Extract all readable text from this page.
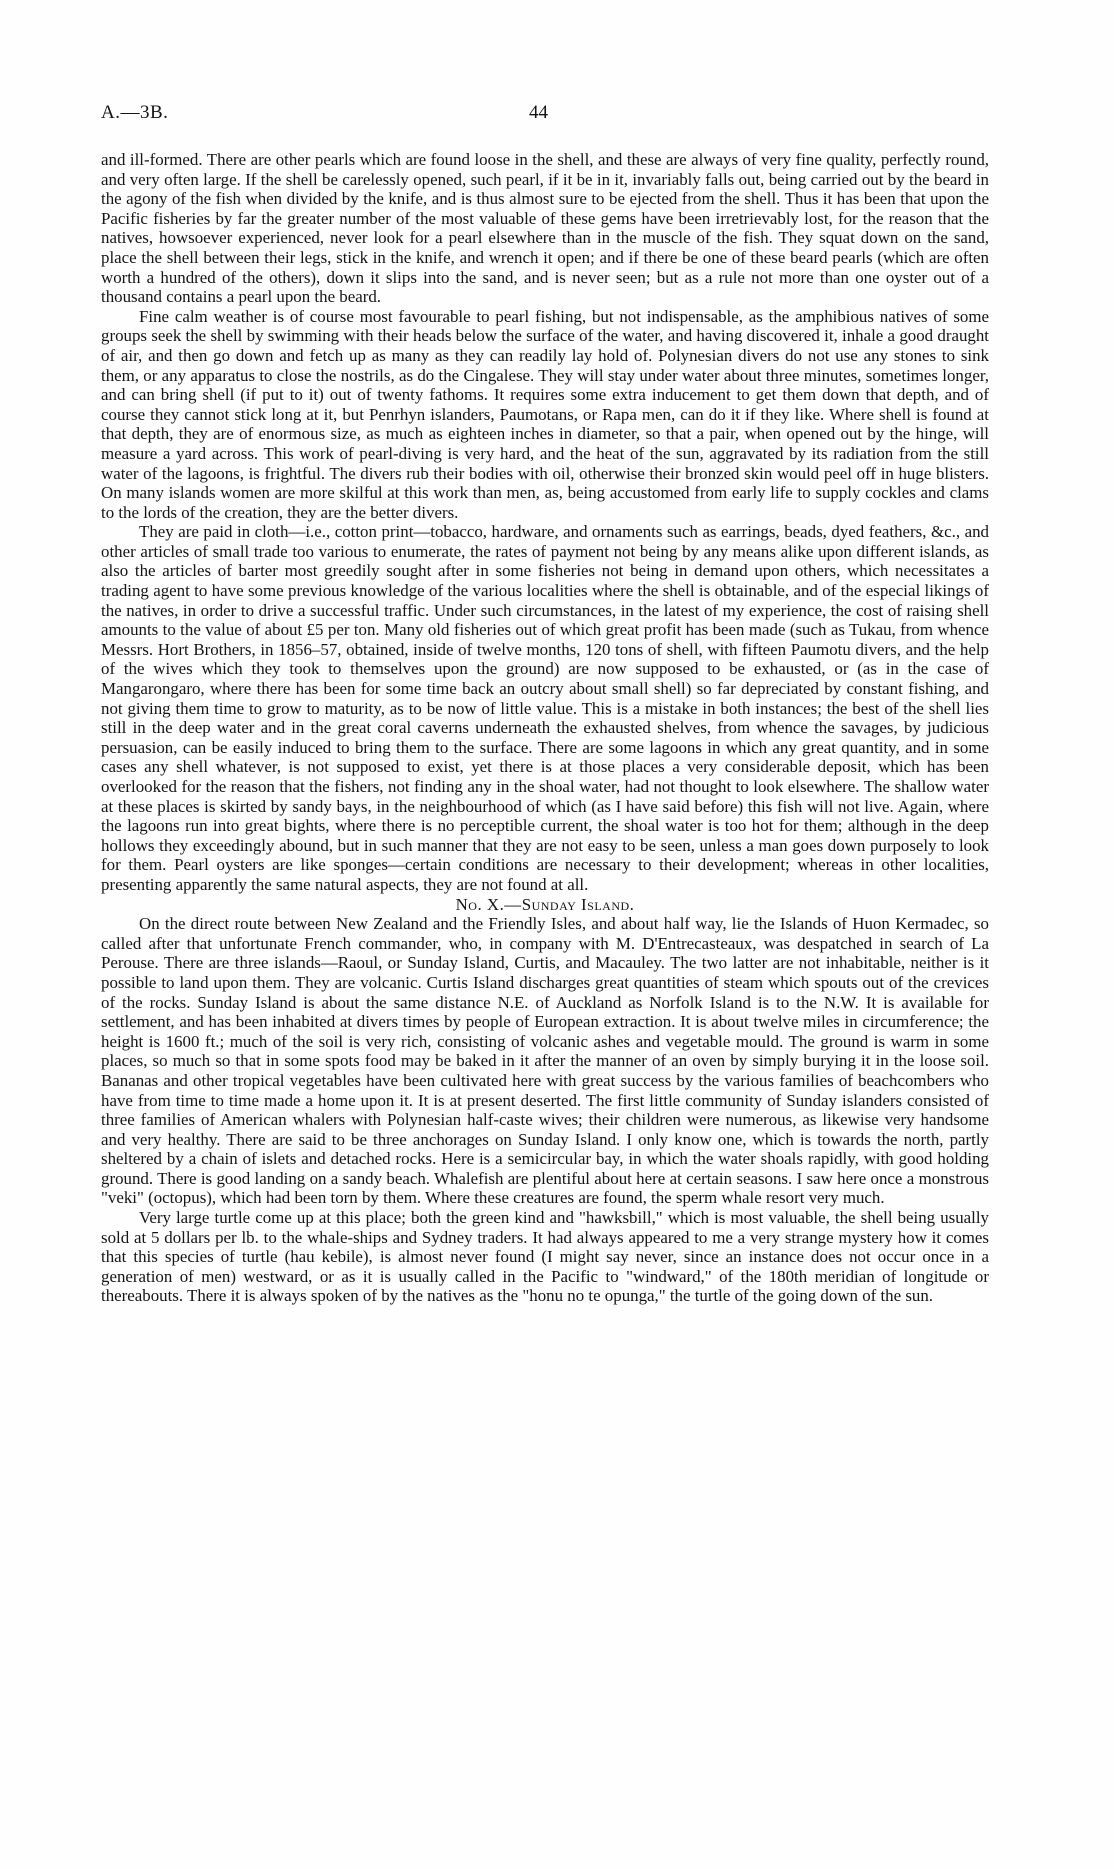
A.—3B.	44

and ill-formed. There are other pearls which are found loose in the shell, and these are always of very fine quality, perfectly round, and very often large. If the shell be carelessly opened, such pearl, if it be in it, invariably falls out, being carried out by the beard in the agony of the fish when divided by the knife, and is thus almost sure to be ejected from the shell. Thus it has been that upon the Pacific fisheries by far the greater number of the most valuable of these gems have been irretrievably lost, for the reason that the natives, howsoever experienced, never look for a pearl elsewhere than in the muscle of the fish. They squat down on the sand, place the shell between their legs, stick in the knife, and wrench it open; and if there be one of these beard pearls (which are often worth a hundred of the others), down it slips into the sand, and is never seen; but as a rule not more than one oyster out of a thousand contains a pearl upon the beard.

Fine calm weather is of course most favourable to pearl fishing, but not indispensable, as the amphibious natives of some groups seek the shell by swimming with their heads below the surface of the water, and having discovered it, inhale a good draught of air, and then go down and fetch up as many as they can readily lay hold of. Polynesian divers do not use any stones to sink them, or any apparatus to close the nostrils, as do the Cingalese. They will stay under water about three minutes, sometimes longer, and can bring shell (if put to it) out of twenty fathoms. It requires some extra inducement to get them down that depth, and of course they cannot stick long at it, but Penrhyn islanders, Paumotans, or Rapa men, can do it if they like. Where shell is found at that depth, they are of enormous size, as much as eighteen inches in diameter, so that a pair, when opened out by the hinge, will measure a yard across. This work of pearl-diving is very hard, and the heat of the sun, aggravated by its radiation from the still water of the lagoons, is frightful. The divers rub their bodies with oil, otherwise their bronzed skin would peel off in huge blisters. On many islands women are more skilful at this work than men, as, being accustomed from early life to supply cockles and clams to the lords of the creation, they are the better divers.

They are paid in cloth—i.e., cotton print—tobacco, hardware, and ornaments such as earrings, beads, dyed feathers, &c., and other articles of small trade too various to enumerate, the rates of payment not being by any means alike upon different islands, as also the articles of barter most greedily sought after in some fisheries not being in demand upon others, which necessitates a trading agent to have some previous knowledge of the various localities where the shell is obtainable, and of the especial likings of the natives, in order to drive a successful traffic. Under such circumstances, in the latest of my experience, the cost of raising shell amounts to the value of about £5 per ton. Many old fisheries out of which great profit has been made (such as Tukau, from whence Messrs. Hort Brothers, in 1856–57, obtained, inside of twelve months, 120 tons of shell, with fifteen Paumotu divers, and the help of the wives which they took to themselves upon the ground) are now supposed to be exhausted, or (as in the case of Mangarongaro, where there has been for some time back an outcry about small shell) so far depreciated by constant fishing, and not giving them time to grow to maturity, as to be now of little value. This is a mistake in both instances; the best of the shell lies still in the deep water and in the great coral caverns underneath the exhausted shelves, from whence the savages, by judicious persuasion, can be easily induced to bring them to the surface. There are some lagoons in which any great quantity, and in some cases any shell whatever, is not supposed to exist, yet there is at those places a very considerable deposit, which has been overlooked for the reason that the fishers, not finding any in the shoal water, had not thought to look elsewhere. The shallow water at these places is skirted by sandy bays, in the neighbourhood of which (as I have said before) this fish will not live. Again, where the lagoons run into great bights, where there is no perceptible current, the shoal water is too hot for them; although in the deep hollows they exceedingly abound, but in such manner that they are not easy to be seen, unless a man goes down purposely to look for them. Pearl oysters are like sponges—certain conditions are necessary to their development; whereas in other localities, presenting apparently the same natural aspects, they are not found at all.

No. X.—Sunday Island.

On the direct route between New Zealand and the Friendly Isles, and about half way, lie the Islands of Huon Kermadec, so called after that unfortunate French commander, who, in company with M. D'Entrecasteaux, was despatched in search of La Perouse. There are three islands—Raoul, or Sunday Island, Curtis, and Macauley. The two latter are not inhabitable, neither is it possible to land upon them. They are volcanic. Curtis Island discharges great quantities of steam which spouts out of the crevices of the rocks. Sunday Island is about the same distance N.E. of Auckland as Norfolk Island is to the N.W. It is available for settlement, and has been inhabited at divers times by people of European extraction. It is about twelve miles in circumference; the height is 1600 ft.; much of the soil is very rich, consisting of volcanic ashes and vegetable mould. The ground is warm in some places, so much so that in some spots food may be baked in it after the manner of an oven by simply burying it in the loose soil. Bananas and other tropical vegetables have been cultivated here with great success by the various families of beachcombers who have from time to time made a home upon it. It is at present deserted. The first little community of Sunday islanders consisted of three families of American whalers with Polynesian half-caste wives; their children were numerous, as likewise very handsome and very healthy. There are said to be three anchorages on Sunday Island. I only know one, which is towards the north, partly sheltered by a chain of islets and detached rocks. Here is a semicircular bay, in which the water shoals rapidly, with good holding ground. There is good landing on a sandy beach. Whalefish are plentiful about here at certain seasons. I saw here once a monstrous "veki" (octopus), which had been torn by them. Where these creatures are found, the sperm whale resort very much.

Very large turtle come up at this place; both the green kind and "hawksbill," which is most valuable, the shell being usually sold at 5 dollars per lb. to the whale-ships and Sydney traders. It had always appeared to me a very strange mystery how it comes that this species of turtle (hau kebile), is almost never found (I might say never, since an instance does not occur once in a generation of men) westward, or as it is usually called in the Pacific to "windward," of the 180th meridian of longitude or thereabouts. There it is always spoken of by the natives as the "honu no te opunga," the turtle of the going down of the sun.
